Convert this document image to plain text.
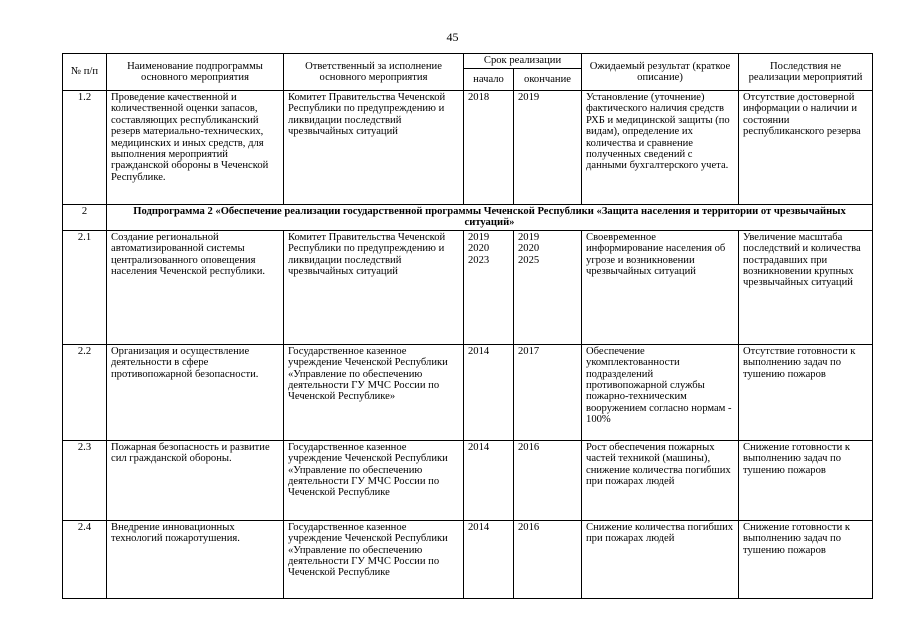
45
№ п/п	Наименование подпрограммы основного мероприятия	Ответственный за исполнение основного мероприятия	Срок реализации		Ожидаемый результат (краткое описание)	Последствия не реализации мероприятий
			начало	окончание		
1.2	Проведение качественной и количественной оценки запасов, составляющих республиканский резерв материально-технических, медицинских и иных средств, для выполнения мероприятий гражданской обороны в Чеченской Республике.	Комитет Правительства Чеченской Республики по предупреждению и ликвидации последствий чрезвычайных ситуаций	2018	2019	Установление (уточнение) фактического наличия средств РХБ и медицинской защиты (по видам), определение их количества и сравнение полученных сведений с данными бухгалтерского учета.	Отсутствие достоверной информации о наличии и состоянии республиканского резерва
2	Подпрограмма 2 «Обеспечение реализации государственной программы Чеченской Республики «Защита населения и территории от чрезвычайных ситуаций»					
2.1	Создание региональной автоматизированной системы централизованного оповещения населения Чеченской республики.	Комитет Правительства Чеченской Республики по предупреждению и ликвидации последствий чрезвычайных ситуаций	2019
2020
2023	2019
2020
2025	Своевременное информирование населения об угрозе и возникновении чрезвычайных ситуаций	Увеличение масштаба последствий и количества пострадавших при возникновении крупных чрезвычайных ситуаций
2.2	Организация и осуществление деятельности в сфере противопожарной безопасности.	Государственное казенное учреждение Чеченской Республики «Управление по обеспечению деятельности ГУ МЧС России по Чеченской Республике»	2014	2017	Обеспечение укомплектованности подразделений противопожарной службы пожарно-техническим вооружением согласно нормам - 100%	Отсутствие готовности к выполнению задач по тушению пожаров
2.3	Пожарная безопасность и развитие сил гражданской обороны.	Государственное казенное учреждение Чеченской Республики «Управление по обеспечению деятельности ГУ МЧС России по Чеченской Республике	2014	2016	Рост обеспечения пожарных частей техникой (машины), снижение количества погибших при пожарах людей	Снижение готовности к выполнению задач по тушению пожаров
2.4	Внедрение инновационных технологий пожаротушения.	Государственное казенное учреждение Чеченской Республики «Управление по обеспечению деятельности ГУ МЧС России по Чеченской Республике	2014	2016	Снижение количества погибших при пожарах людей	Снижение готовности к выполнению задач по тушению пожаров
